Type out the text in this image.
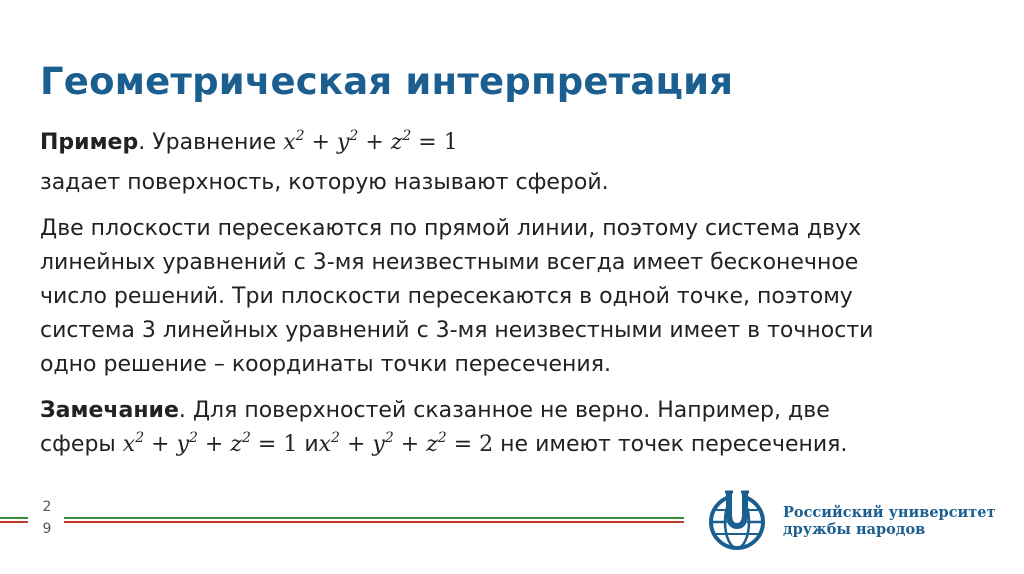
Геометрическая интерпретация

Пример. Уравнение $x^2 + y^2 + z^2 = 1$

задает поверхность, которую называют сферой.

Две плоскости пересекаются по прямой линии, поэтому система двух

линейных уравнений с 3-мя неизвестными всегда имеет бесконечное

число решений. Три плоскости пересекаются в одной точке, поэтому

система 3 линейных уравнений с 3-мя неизвестными имеет в точности

одно решение – координаты точки пересечения.

Замечание. Для поверхностей сказанное не верно. Например, две

сферы $x^2 + y^2 + z^2 = 1$ $иx^2 + y^2 + z^2 = 2$ не имеют точек пересечения.

2
9
Российский университет
дружбы народов
